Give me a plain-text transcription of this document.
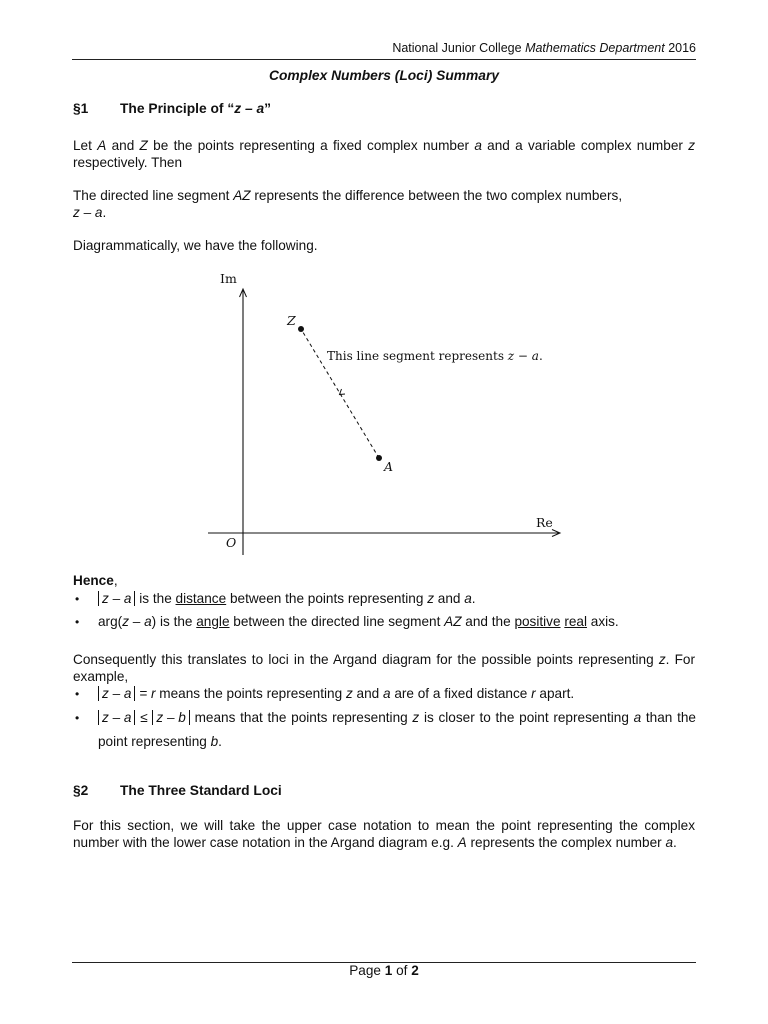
National Junior College Mathematics Department 2016
Complex Numbers (Loci) Summary
§1 The Principle of “z – a”
Let A and Z be the points representing a fixed complex number a and a variable complex number z respectively. Then
The directed line segment AZ represents the difference between the two complex numbers,
z – a.
Diagrammatically, we have the following.
Im
Re
O
Z
A
This line segment represents z − a.
Hence,
• z – a is the distance between the points representing z and a.
• arg(z – a) is the angle between the directed line segment AZ and the positive real axis.
Consequently this translates to loci in the Argand diagram for the possible points representing z. For example,
• z – a = r means the points representing z and a are of a fixed distance r apart.
• z – a ≤ z – b means that the points representing z is closer to the point representing a than the point representing b.
§2 The Three Standard Loci
For this section, we will take the upper case notation to mean the point representing the complex number with the lower case notation in the Argand diagram e.g. A represents the complex number a.
Page 1 of 2
